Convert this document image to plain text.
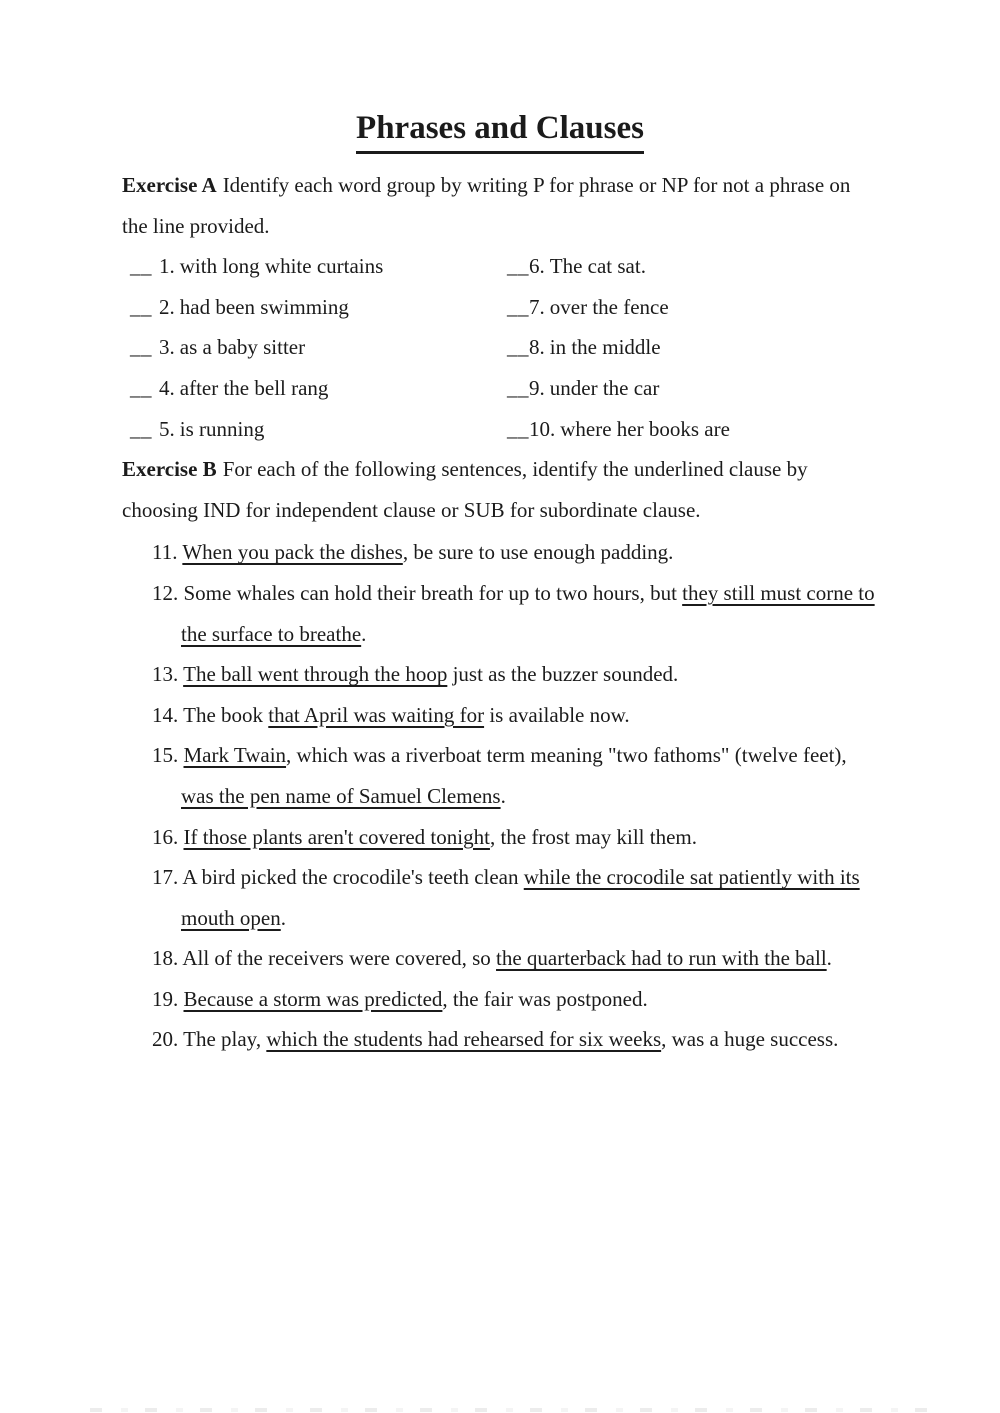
Phrases and Clauses

Exercise A Identify each word group by writing P for phrase or NP for not a phrase on the line provided.

__ 1. with long white curtains
__ 2. had been swimming
__ 3. as a baby sitter
__ 4. after the bell rang
__ 5. is running
__6. The cat sat.
__7. over the fence
__8. in the middle
__9. under the car
__10. where her books are

Exercise B For each of the following sentences, identify the underlined clause by choosing IND for independent clause or SUB for subordinate clause.

11. When you pack the dishes, be sure to use enough padding.
12. Some whales can hold their breath for up to two hours, but they still must corne to the surface to breathe.
13. The ball went through the hoop just as the buzzer sounded.
14. The book that April was waiting for is available now.
15. Mark Twain, which was a riverboat term meaning "two fathoms" (twelve feet), was the pen name of Samuel Clemens.
16. If those plants aren't covered tonight, the frost may kill them.
17. A bird picked the crocodile's teeth clean while the crocodile sat patiently with its mouth open.
18. All of the receivers were covered, so the quarterback had to run with the ball.
19. Because a storm was predicted, the fair was postponed.
20. The play, which the students had rehearsed for six weeks, was a huge success.
